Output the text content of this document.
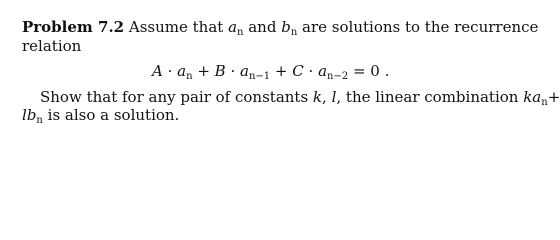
Problem 7.2 Assume that $a_n$ and $b_n$ are solutions to the recurrence
relation
$A \cdot a_n + B \cdot a_{n-1} + C \cdot a_{n-2} = 0$ .
Show that for any pair of constants k, l, the linear combination $ka_n+$
$lb_n$ is also a solution.
